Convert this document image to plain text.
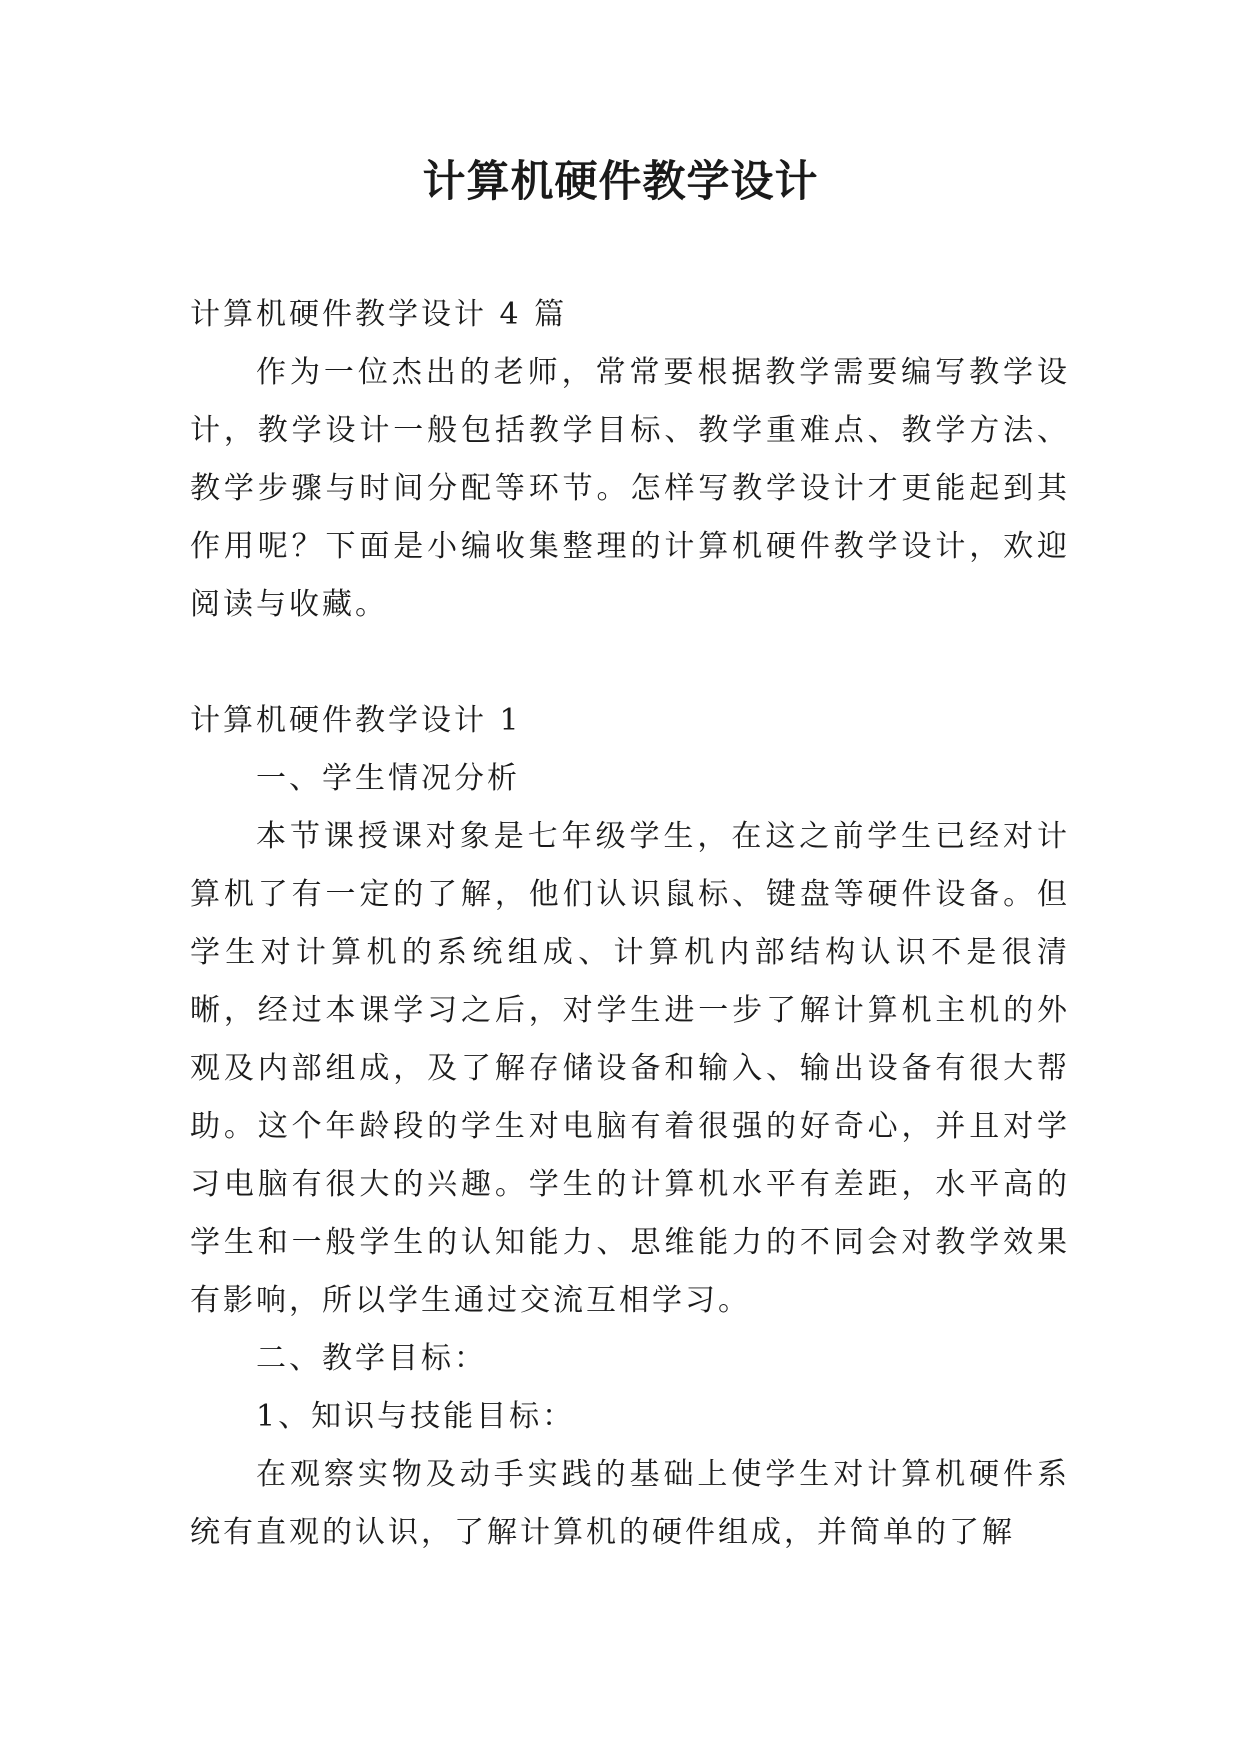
计算机硬件教学设计

计算机硬件教学设计 4 篇

作为一位杰出的老师，常常要根据教学需要编写教学设计，教学设计一般包括教学目标、教学重难点、教学方法、教学步骤与时间分配等环节。怎样写教学设计才更能起到其作用呢？下面是小编收集整理的计算机硬件教学设计，欢迎阅读与收藏。

计算机硬件教学设计 1

一、学生情况分析

本节课授课对象是七年级学生，在这之前学生已经对计算机了有一定的了解，他们认识鼠标、键盘等硬件设备。但学生对计算机的系统组成、计算机内部结构认识不是很清晰，经过本课学习之后，对学生进一步了解计算机主机的外观及内部组成，及了解存储设备和输入、输出设备有很大帮助。这个年龄段的学生对电脑有着很强的好奇心，并且对学习电脑有很大的兴趣。学生的计算机水平有差距，水平高的学生和一般学生的认知能力、思维能力的不同会对教学效果有影响，所以学生通过交流互相学习。

二、教学目标：

1、知识与技能目标：

在观察实物及动手实践的基础上使学生对计算机硬件系统有直观的认识，了解计算机的硬件组成，并简单的了解
